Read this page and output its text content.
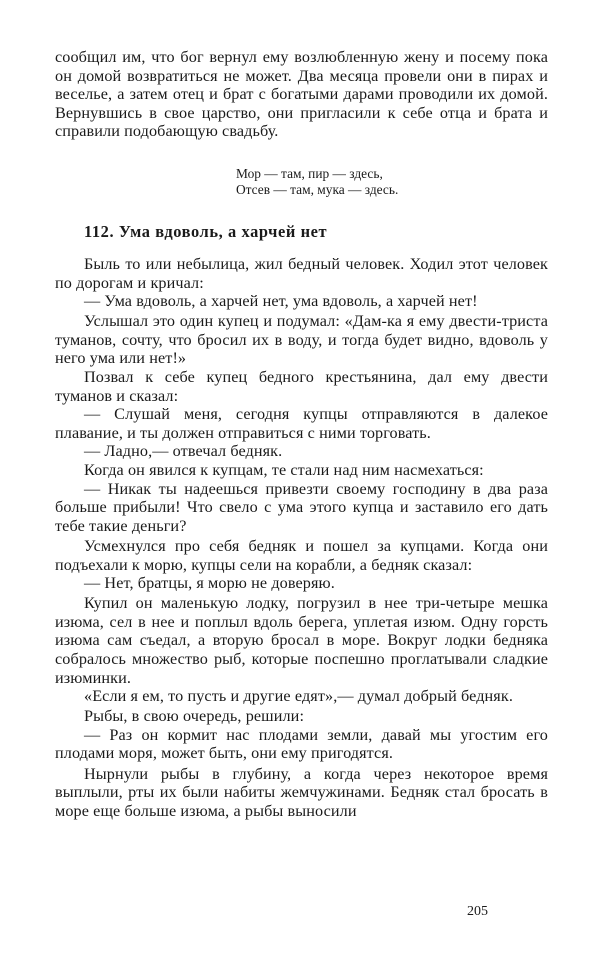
сообщил им, что бог вернул ему возлюбленную жену и посему пока он домой возвратиться не может. Два месяца провели они в пирах и веселье, а затем отец и брат с богатыми дарами проводили их домой. Вернувшись в свое царство, они пригласили к себе отца и брата и справили подобающую свадьбу.

Мор — там, пир — здесь,
Отсев — там, мука — здесь.
112. Ума вдоволь, а харчей нет

Быль то или небылица, жил бедный человек. Ходил этот человек по дорогам и кричал:

— Ума вдоволь, а харчей нет, ума вдоволь, а харчей нет!

Услышал это один купец и подумал: «Дам-ка я ему двести-триста туманов, сочту, что бросил их в воду, и тогда будет видно, вдоволь у него ума или нет!»

Позвал к себе купец бедного крестьянина, дал ему двести туманов и сказал:

— Слушай меня, сегодня купцы отправляются в далекое плавание, и ты должен отправиться с ними торговать.

— Ладно,— отвечал бедняк.

Когда он явился к купцам, те стали над ним насмехаться:

— Никак ты надеешься привезти своему господину в два раза больше прибыли! Что свело с ума этого купца и заставило его дать тебе такие деньги?

Усмехнулся про себя бедняк и пошел за купцами. Когда они подъехали к морю, купцы сели на корабли, а бедняк сказал:

— Нет, братцы, я морю не доверяю.

Купил он маленькую лодку, погрузил в нее три-четыре мешка изюма, сел в нее и поплыл вдоль берега, уплетая изюм. Одну горсть изюма сам съедал, а вторую бросал в море. Вокруг лодки бедняка собралось множество рыб, которые поспешно проглатывали сладкие изюминки.

«Если я ем, то пусть и другие едят»,— думал добрый бедняк.

Рыбы, в свою очередь, решили:

— Раз он кормит нас плодами земли, давай мы угостим его плодами моря, может быть, они ему пригодятся.

Нырнули рыбы в глубину, а когда через некоторое время выплыли, рты их были набиты жемчужинами. Бедняк стал бросать в море еще больше изюма, а рыбы выносили

205
